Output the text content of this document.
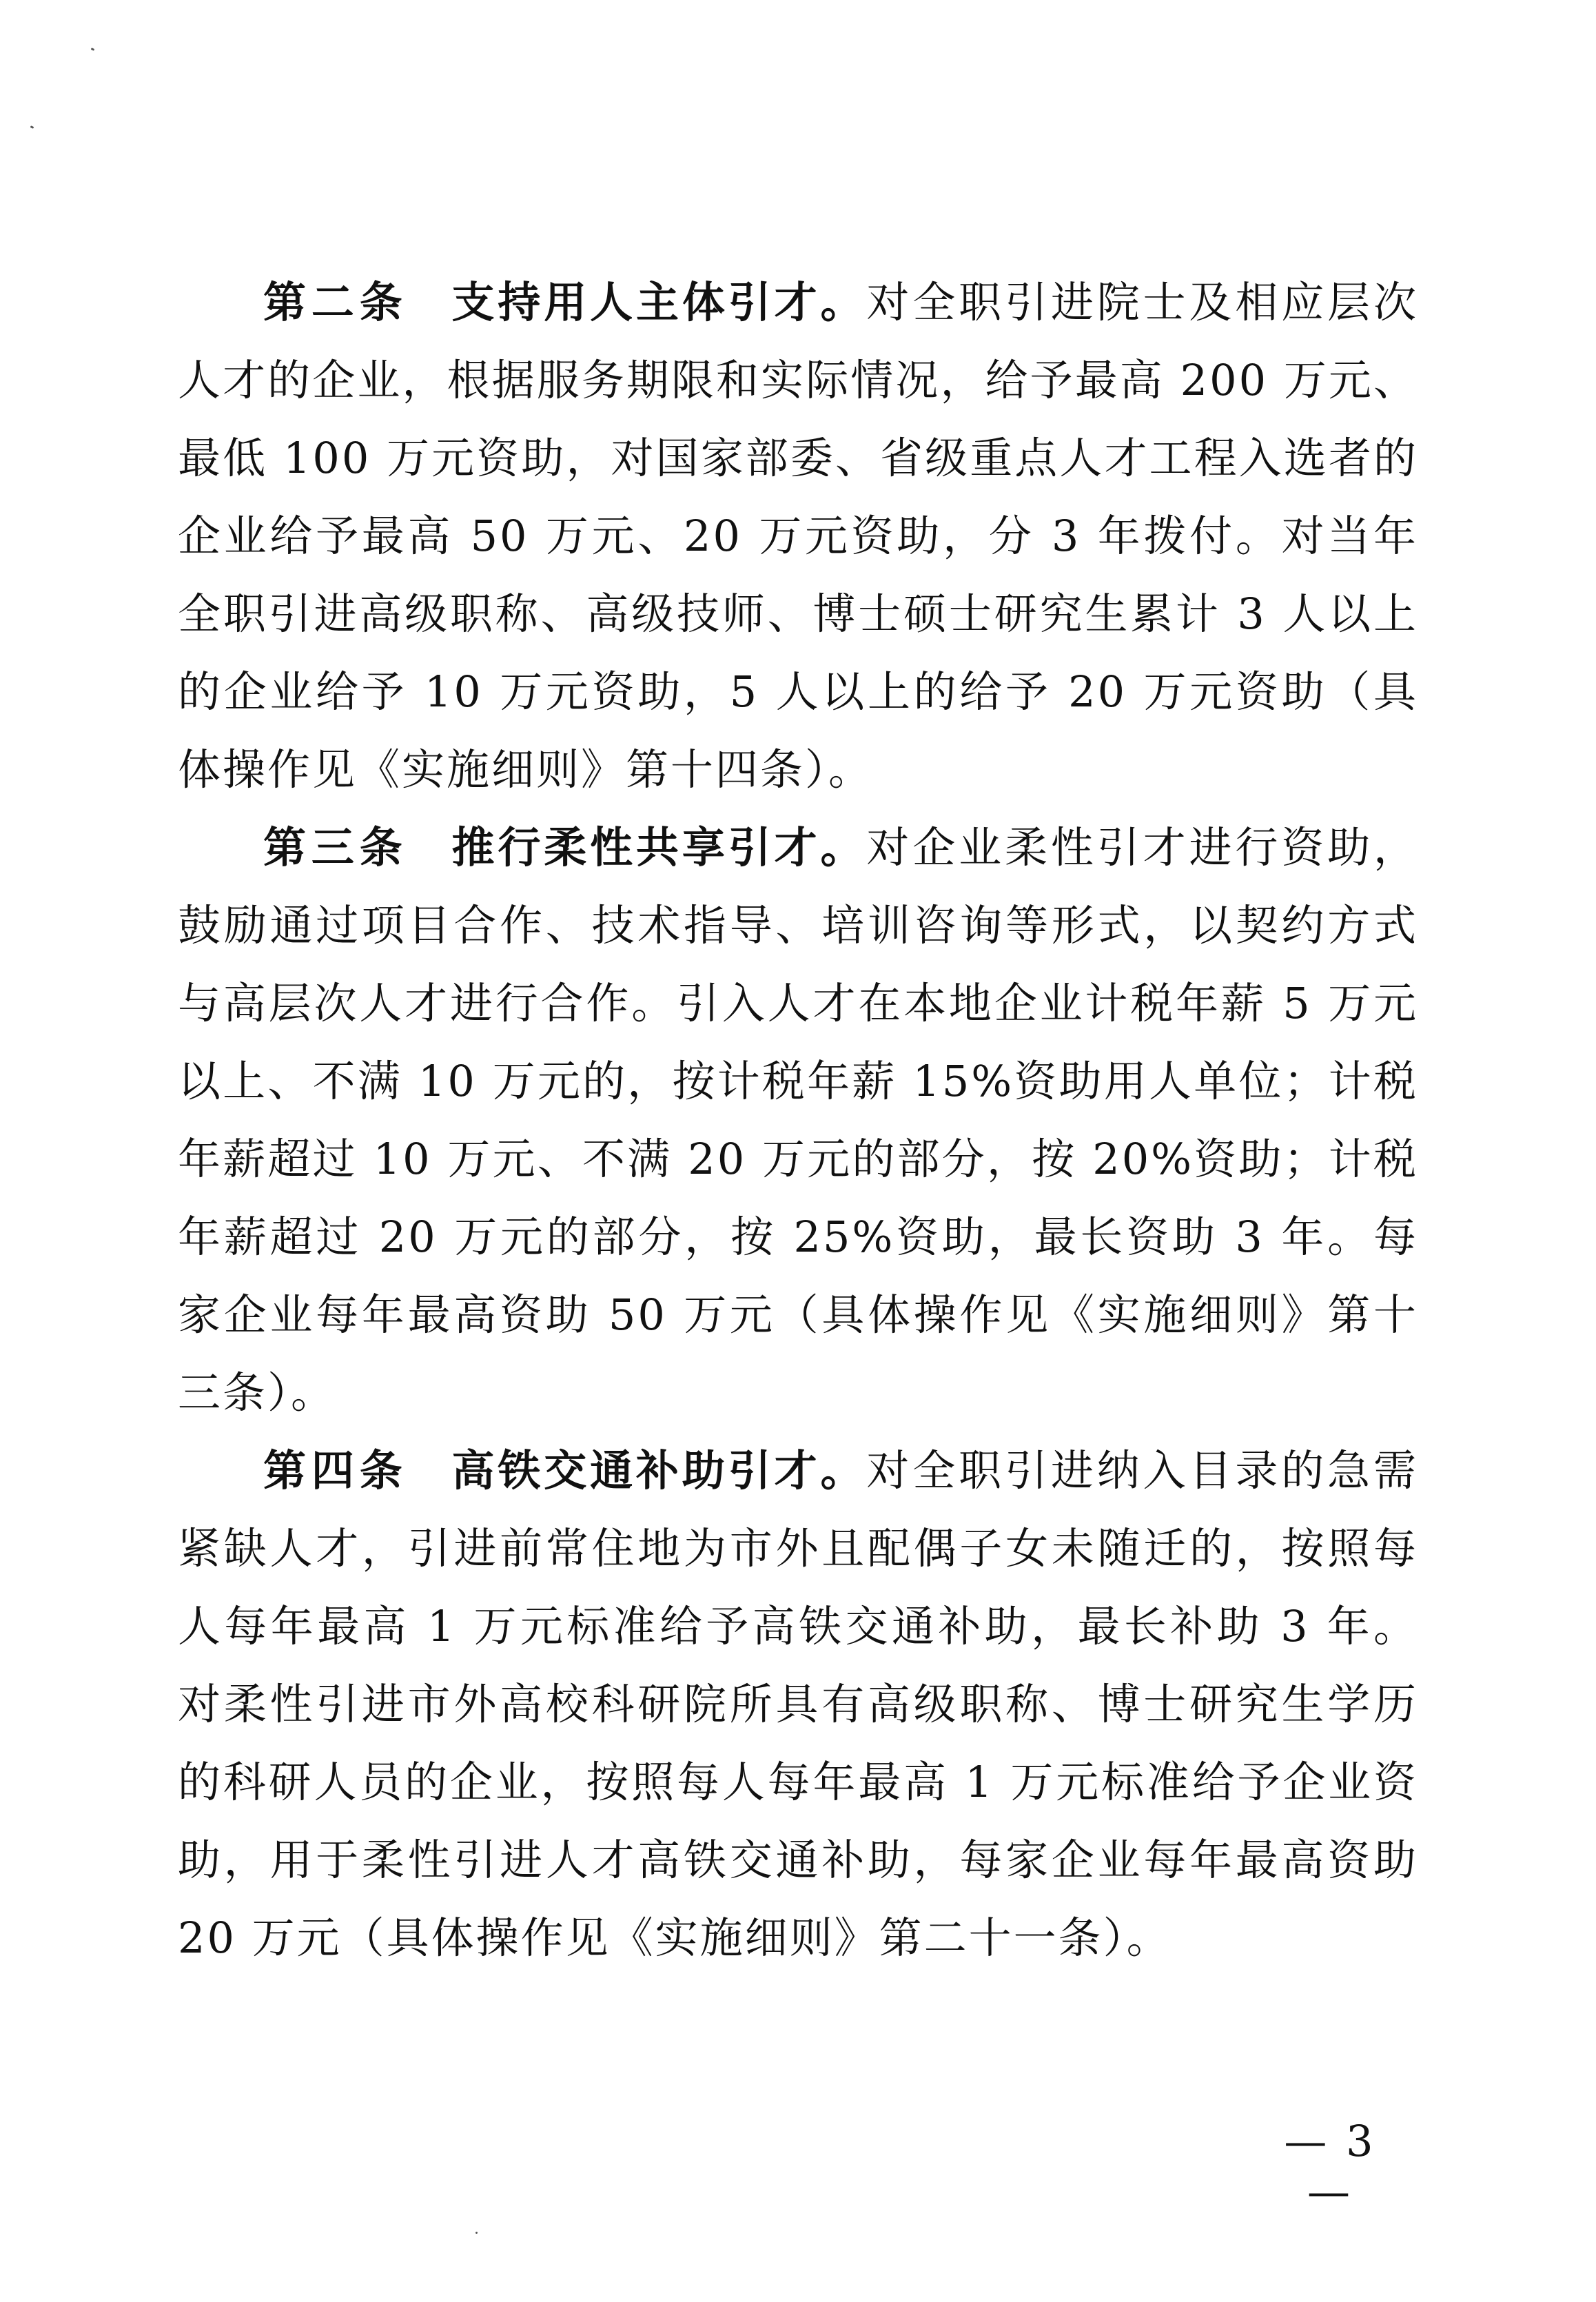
第二条 支持用人主体引才。对全职引进院士及相应层次人才的企业，根据服务期限和实际情况，给予最高 200 万元、最低 100 万元资助，对国家部委、省级重点人才工程入选者的企业给予最高 50 万元、20 万元资助，分 3 年拨付。对当年全职引进高级职称、高级技师、博士硕士研究生累计 3 人以上的企业给予 10 万元资助，5 人以上的给予 20 万元资助（具体操作见《实施细则》第十四条）。

第三条 推行柔性共享引才。对企业柔性引才进行资助，鼓励通过项目合作、技术指导、培训咨询等形式，以契约方式与高层次人才进行合作。引入人才在本地企业计税年薪 5 万元以上、不满 10 万元的，按计税年薪 15%资助用人单位；计税年薪超过 10 万元、不满 20 万元的部分，按 20%资助；计税年薪超过 20 万元的部分，按 25%资助，最长资助 3 年。每家企业每年最高资助 50 万元（具体操作见《实施细则》第十三条）。

第四条 高铁交通补助引才。对全职引进纳入目录的急需紧缺人才，引进前常住地为市外且配偶子女未随迁的，按照每人每年最高 1 万元标准给予高铁交通补助，最长补助 3 年。对柔性引进市外高校科研院所具有高级职称、博士研究生学历的科研人员的企业，按照每人每年最高 1 万元标准给予企业资助，用于柔性引进人才高铁交通补助，每家企业每年最高资助 20 万元（具体操作见《实施细则》第二十一条）。

— 3 —
